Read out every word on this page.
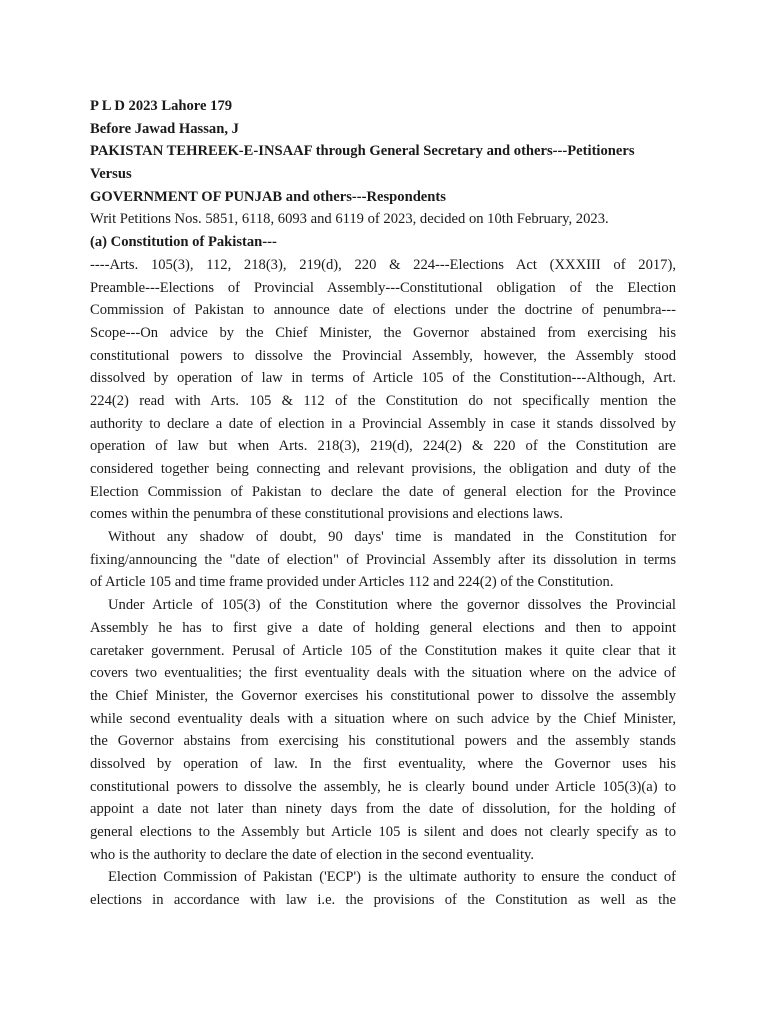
P L D 2023 Lahore 179
Before Jawad Hassan, J
PAKISTAN TEHREEK-E-INSAAF through General Secretary and others---Petitioners
Versus
GOVERNMENT OF PUNJAB and others---Respondents
Writ Petitions Nos. 5851, 6118, 6093 and 6119 of 2023, decided on 10th February, 2023.
(a) Constitution of Pakistan---
----Arts. 105(3), 112, 218(3), 219(d), 220 & 224---Elections Act (XXXIII of 2017),
Preamble---Elections of Provincial Assembly---Constitutional obligation of the Election
Commission of Pakistan to announce date of elections under the doctrine of penumbra---
Scope---On advice by the Chief Minister, the Governor abstained from exercising his
constitutional powers to dissolve the Provincial Assembly, however, the Assembly stood
dissolved by operation of law in terms of Article 105 of the Constitution---Although, Art.
224(2) read with Arts. 105 & 112 of the Constitution do not specifically mention the
authority to declare a date of election in a Provincial Assembly in case it stands dissolved by
operation of law but when Arts. 218(3), 219(d), 224(2) & 220 of the Constitution are
considered together being connecting and relevant provisions, the obligation and duty of the
Election Commission of Pakistan to declare the date of general election for the Province
comes within the penumbra of these constitutional provisions and elections laws.
Without any shadow of doubt, 90 days' time is mandated in the Constitution for
fixing/announcing the "date of election" of Provincial Assembly after its dissolution in terms
of Article 105 and time frame provided under Articles 112 and 224(2) of the Constitution.
Under Article of 105(3) of the Constitution where the governor dissolves the Provincial
Assembly he has to first give a date of holding general elections and then to appoint
caretaker government. Perusal of Article 105 of the Constitution makes it quite clear that it
covers two eventualities; the first eventuality deals with the situation where on the advice of
the Chief Minister, the Governor exercises his constitutional power to dissolve the assembly
while second eventuality deals with a situation where on such advice by the Chief Minister,
the Governor abstains from exercising his constitutional powers and the assembly stands
dissolved by operation of law. In the first eventuality, where the Governor uses his
constitutional powers to dissolve the assembly, he is clearly bound under Article 105(3)(a) to
appoint a date not later than ninety days from the date of dissolution, for the holding of
general elections to the Assembly but Article 105 is silent and does not clearly specify as to
who is the authority to declare the date of election in the second eventuality.
Election Commission of Pakistan ('ECP') is the ultimate authority to ensure the conduct of
elections in accordance with law i.e. the provisions of the Constitution as well as the
